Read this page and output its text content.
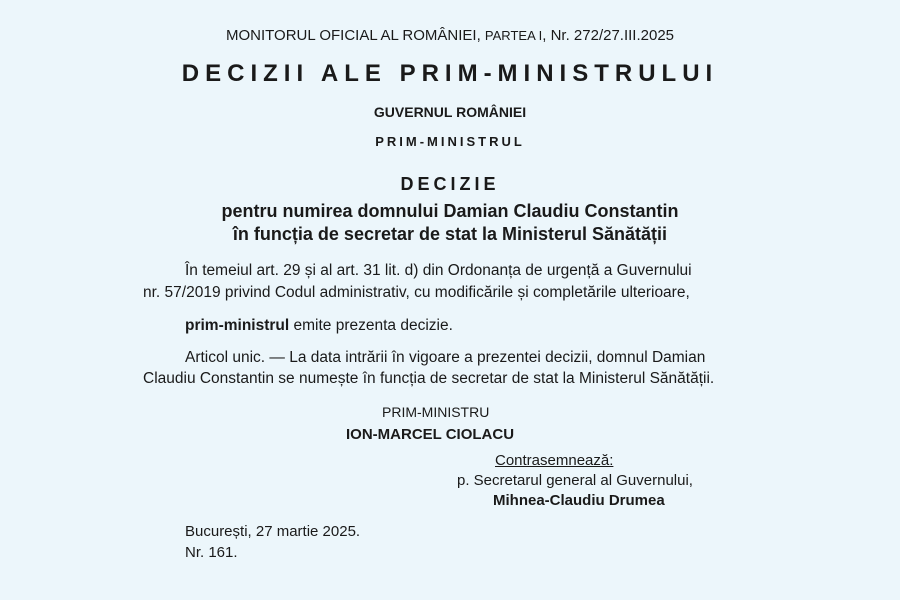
MONITORUL OFICIAL AL ROMÂNIEI, PARTEA I, Nr. 272/27.III.2025
DECIZII ALE PRIM-MINISTRULUI
GUVERNUL ROMÂNIEI
PRIM-MINISTRUL
DECIZIE
pentru numirea domnului Damian Claudiu Constantin
în funcția de secretar de stat la Ministerul Sănătății
În temeiul art. 29 și al art. 31 lit. d) din Ordonanța de urgență a Guvernului
nr. 57/2019 privind Codul administrativ, cu modificările și completările ulterioare,
prim-ministrul emite prezenta decizie.
Articol unic. — La data intrării în vigoare a prezentei decizii, domnul Damian
Claudiu Constantin se numește în funcția de secretar de stat la Ministerul Sănătății.
PRIM-MINISTRU
ION-MARCEL CIOLACU
Contrasemnează:
p. Secretarul general al Guvernului,
Mihnea-Claudiu Drumea
București, 27 martie 2025.
Nr. 161.
